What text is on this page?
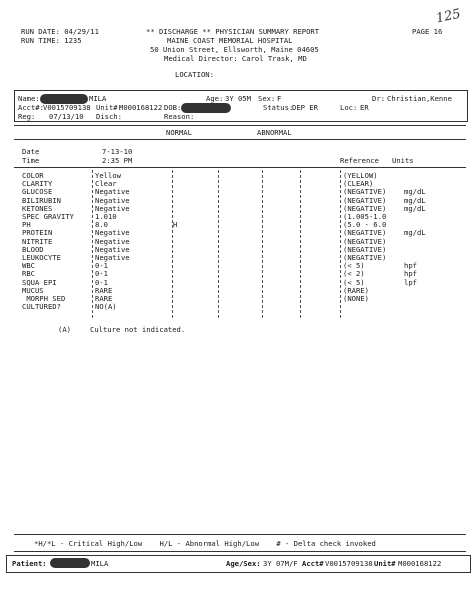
RUN DATE: 04/29/11
RUN TIME: 1235
** DISCHARGE ** PHYSICIAN SUMMARY REPORT
MAINE COAST MEMORIAL HOSPITAL
50 Union Street, Ellsworth, Maine 04605
Medical Director: Carol Trask, MD
PAGE 16
125
LOCATION:
Name:	MILA	Age: 3Y 05M Sex: F	Dr: Christian,Kenne
Acct#: V0015709138 Unit#:
M000168122 DOB:	Status:
DEP ER	Loc: ER
Reg: 07/13/10 Disch:	Reason:
NORMAL	ABNORMAL
Date	7-13-10
Time	2:35 PM	Reference Units
COLOR	Yellow	(YELLOW)
CLARITY	Clear	(CLEAR)
GLUCOSE	Negative	(NEGATIVE) mg/dL
BILIRUBIN	Negative	(NEGATIVE) mg/dL
KETONES	Negative	(NEGATIVE) mg/dL
SPEC GRAVITY	1.010	(1.005-1.0
PH	8.0	H	(5.0 - 6.0
PROTEIN	Negative	(NEGATIVE) mg/dL
NITRITE	Negative	(NEGATIVE)
BLOOD	Negative	(NEGATIVE)
LEUKOCYTE	Negative	(NEGATIVE)
WBC	0-1	(< 5)	hpf
RBC	0-1	(< 2)	hpf
SQUA EPI	0-1	(< 5)	lpf
MUCUS	RARE	(RARE)
MORPH SED	RARE	(NONE)
CULTURED?	NO(A)
(A)	Culture not indicated.
*H/*L - Critical High/Low    H/L - Abnormal High/Low    # - Delta check invoked
Patient:	MILA	Age/Sex: 3Y 07M/F Acct# V0015709138 Unit# M000168122
